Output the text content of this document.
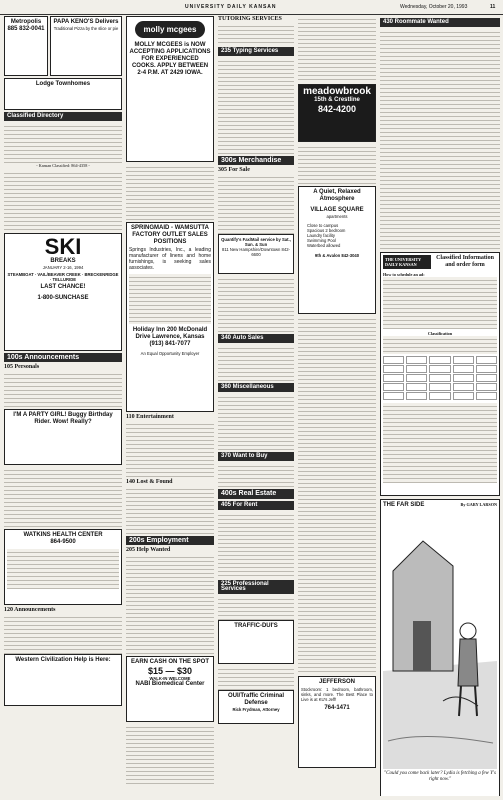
UNIVERSITY DAILY KANSAN	Wednesday, October 20, 1993	11
Metropolis 885 832-0041
PAPA KENO'S Delivers
Traditional Pizza by the slice or pie
Lodge Townhomes
Classified Directory
- Kansan Classified: 864-4358 -
SKI
BREAKS
JANUARY 2-16, 1994
STEAMBOAT · VAIL/BEAVER CREEK · BRECKENRIDGE · TELLURIDE
LAST CHANCE!
1-800-SUNCHASE
100s Announcements
105 Personals
I'M A PARTY GIRL! Buggy Birthday Rider. Wow! Really?
WATKINS HEALTH CENTER
864-9500
120 Announcements
Western Civilization Help is Here:
molly mcgees
MOLLY MCGEES is NOW ACCEPTING APPLICATIONS FOR EXPERIENCED COOKS. APPLY BETWEEN 2-4 P.M. AT 2429 IOWA.
SPRINGMAID - WAMSUTTA FACTORY OUTLET SALES POSITIONS
Springs Industries, Inc., a leading manufacturer of linens and home furnishings, is seeking sales associates.
Holiday Inn 200 McDonald Drive Lawrence, Kansas (913) 841-7077
An Equal Opportunity Employer
110 Entertainment
140 Lost & Found
200s Employment
205 Help Wanted
EARN CASH ON THE SPOT
$15 — $30
WALK-IN WELCOME
NABI Biomedical Center
TUTORING SERVICES
235 Typing Services
300s Merchandise
305 For Sale
Quantify's Fax/Mail service by Sat., Sun. & Sun
811 New Hampshire/Downtown 842-6600
340 Auto Sales
360 Miscellaneous
370 Want to Buy
400s Real Estate
405 For Rent
225 Professional Services
TRAFFIC-DUI'S
OUI/Traffic Criminal Defense
Rick Frydman, Attorney
meadowbrook
15th & Crestline
842-4200
A Quiet, Relaxed Atmosphere
VILLAGE SQUARE
apartments
Close to campus
Spacious 2 bedroom
Laundry facility
Swimming Pool
Waterbed allowed
9th & Avalon 842-3040
JEFFERSON
Stockroom: 1 bedroom, bathroom, sinks, and more. The Best Place to Live is at KU's Jeff!
764-1471
430 Roommate Wanted
THE UNIVERSITY DAILY KANSAN
Classified Information and order form
How to schedule an ad:
Classification
THE FAR SIDE	By GARY LARSON
"Could you come back later? Lydia is fetching a few Y's right now."
